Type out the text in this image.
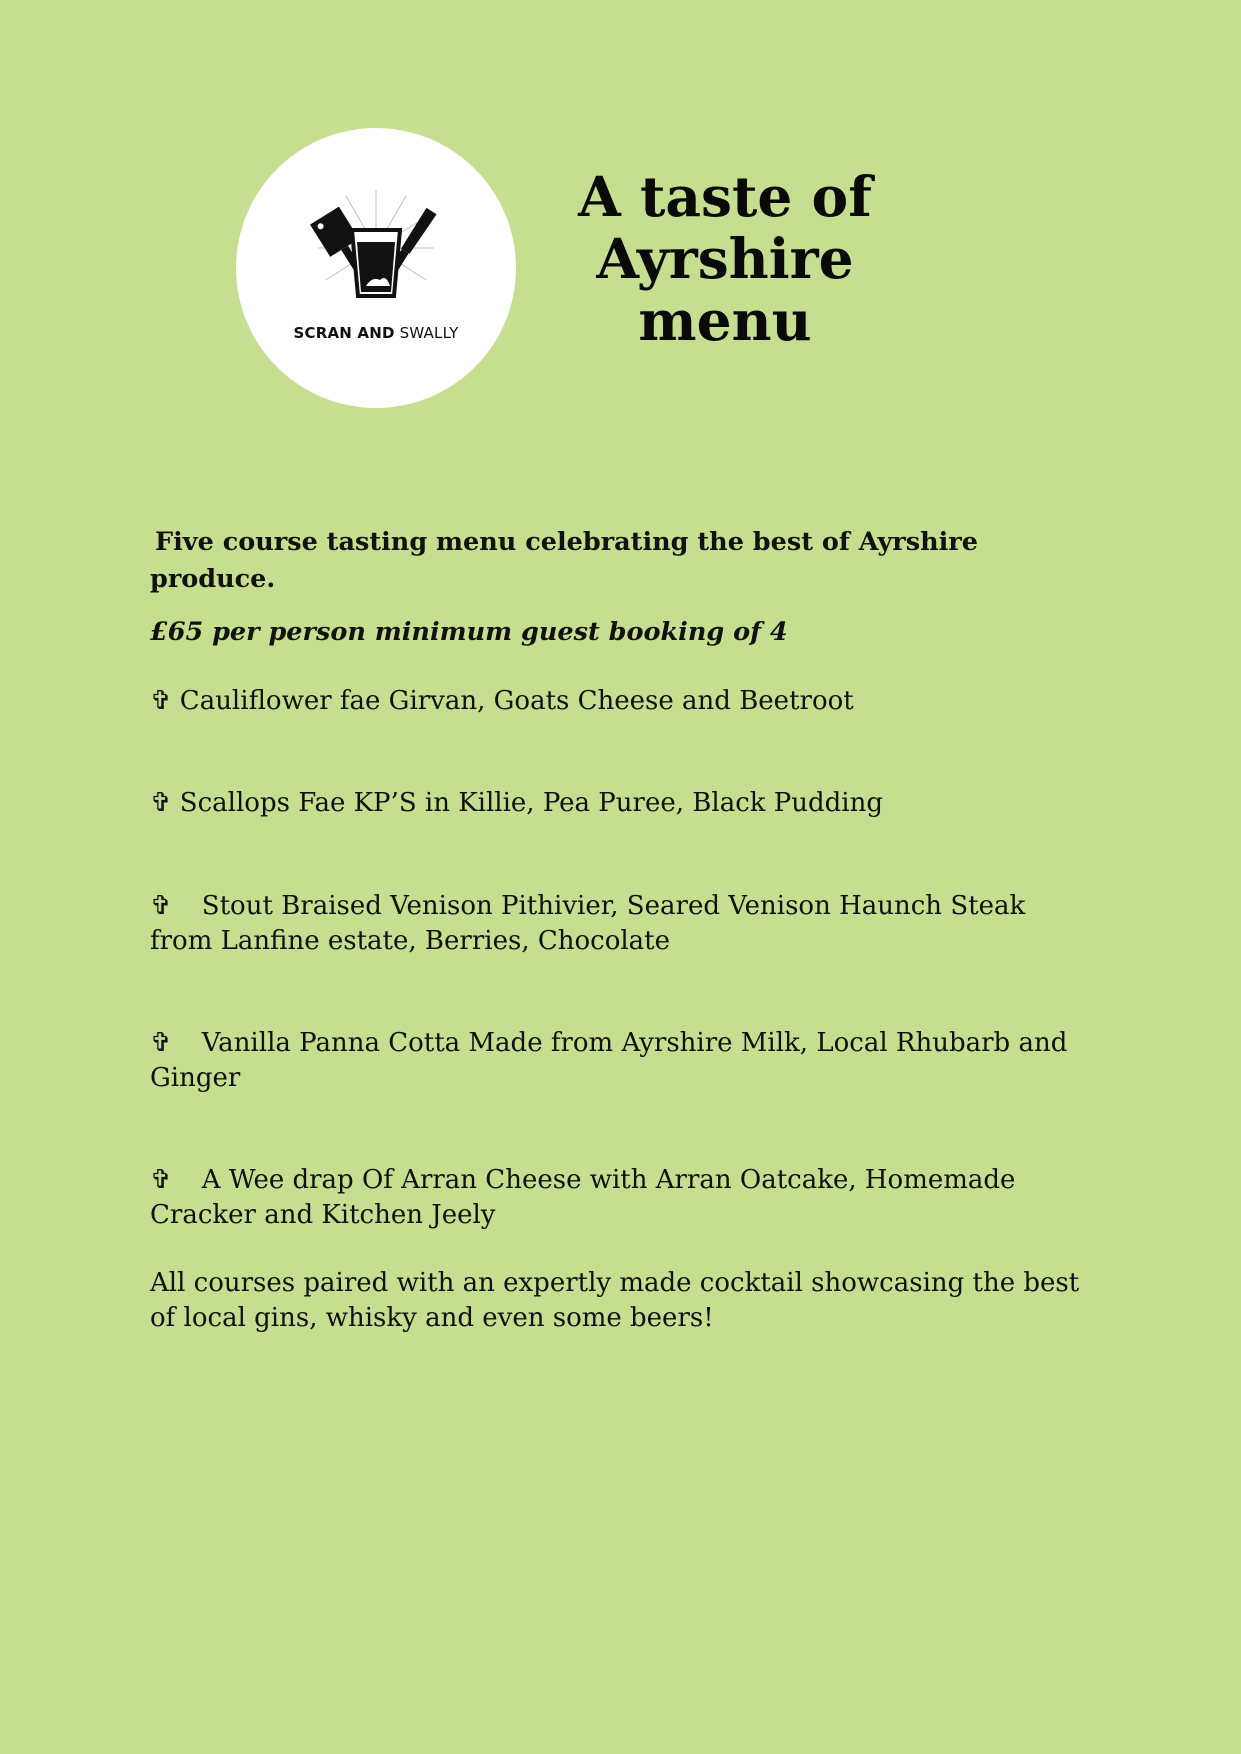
SCRAN AND SWALLY
A taste of
Ayrshire
menu
Five course tasting menu celebrating the best of Ayrshire produce.
£65 per person minimum guest booking of 4
✞ Cauliflower fae Girvan, Goats Cheese and Beetroot
✞ Scallops Fae KP’S in Killie, Pea Puree, Black Pudding
✞ Stout Braised Venison Pithivier, Seared Venison Haunch Steak from Lanfine estate, Berries, Chocolate
✞ Vanilla Panna Cotta Made from Ayrshire Milk, Local Rhubarb and Ginger
✞ A Wee drap Of Arran Cheese with Arran Oatcake, Homemade Cracker and Kitchen Jeely
All courses paired with an expertly made cocktail showcasing the best of local gins, whisky and even some beers!
